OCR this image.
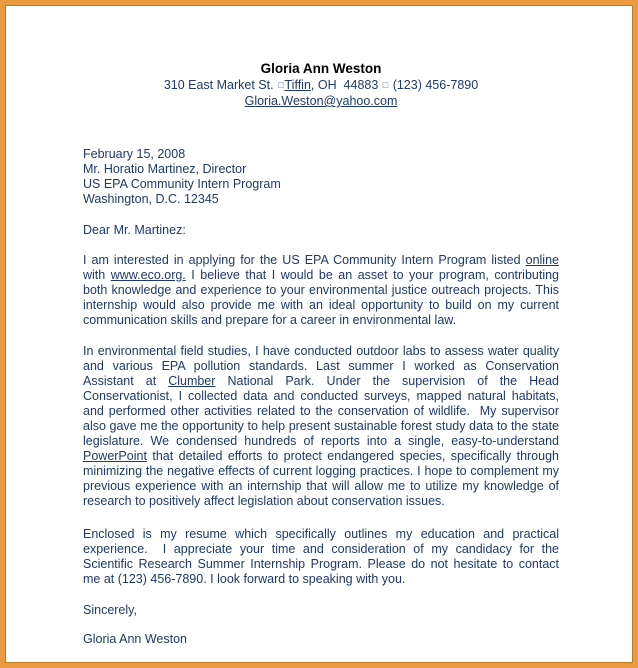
Gloria Ann Weston
310 East Market St. □Tiffin, OH  44883 □ (123) 456-7890
Gloria.Weston@yahoo.com
February 15, 2008
Mr. Horatio Martinez, Director
US EPA Community Intern Program
Washington, D.C. 12345
Dear Mr. Martinez:

I am interested in applying for the US EPA Community Intern Program listed online with www.eco.org. I believe that I would be an asset to your program, contributing both knowledge and experience to your environmental justice outreach projects. This internship would also provide me with an ideal opportunity to build on my current communication skills and prepare for a career in environmental law.

In environmental field studies, I have conducted outdoor labs to assess water quality and various EPA pollution standards. Last summer I worked as Conservation Assistant at Clumber National Park. Under the supervision of the Head Conservationist, I collected data and conducted surveys, mapped natural habitats, and performed other activities related to the conservation of wildlife.  My supervisor also gave me the opportunity to help present sustainable forest study data to the state legislature. We condensed hundreds of reports into a single, easy-to-understand PowerPoint that detailed efforts to protect endangered species, specifically through minimizing the negative effects of current logging practices. I hope to complement my previous experience with an internship that will allow me to utilize my knowledge of research to positively affect legislation about conservation issues.

Enclosed is my resume which specifically outlines my education and practical experience.  I appreciate your time and consideration of my candidacy for the Scientific Research Summer Internship Program. Please do not hesitate to contact me at (123) 456-7890. I look forward to speaking with you.

Sincerely,
Gloria Ann Weston
